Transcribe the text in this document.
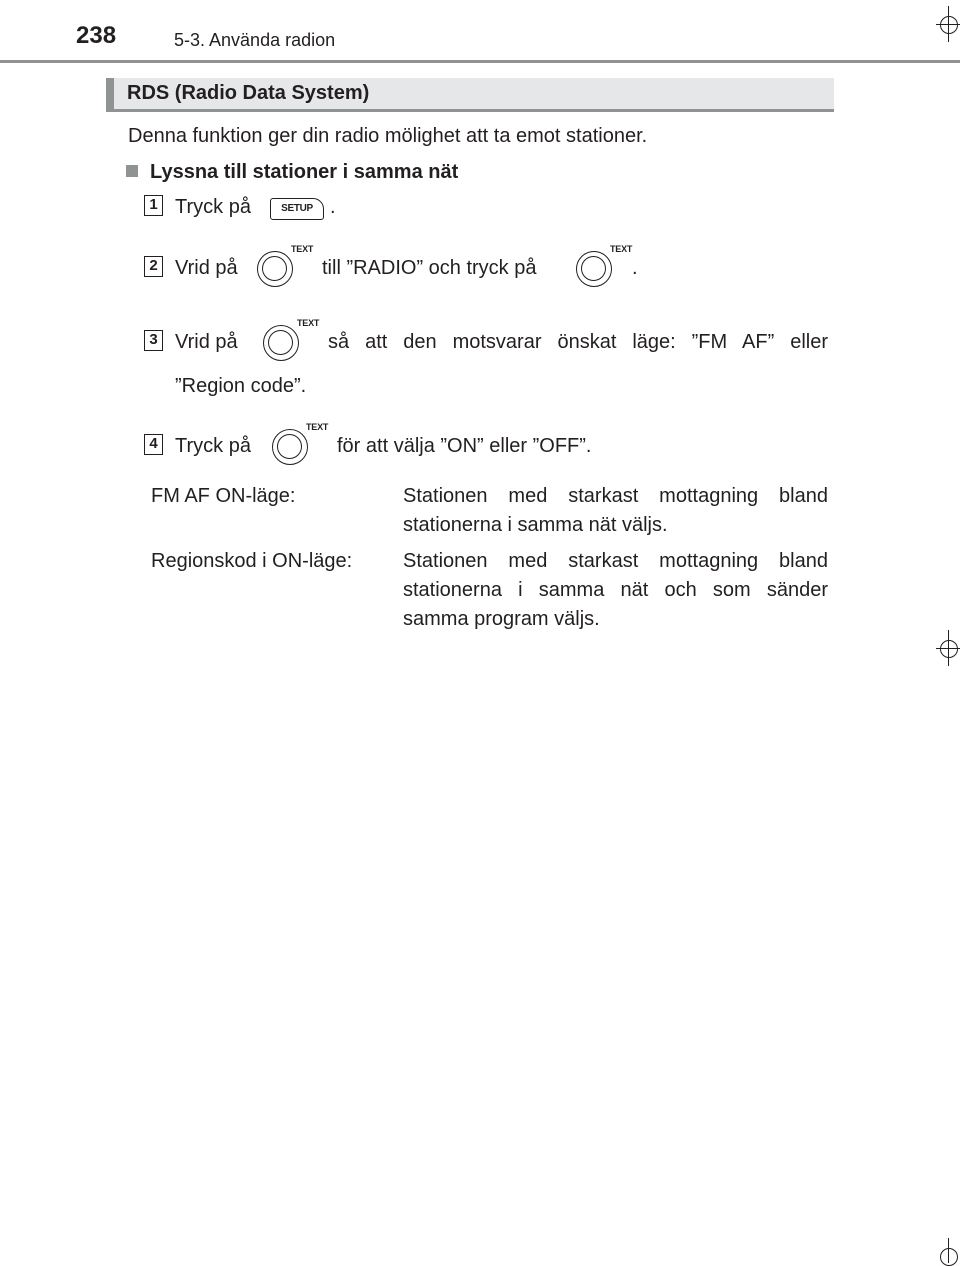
238	5-3. Använda radion
RDS (Radio Data System)
Denna funktion ger din radio mölighet att ta emot stationer.
Lyssna till stationer i samma nät
1 Tryck på	SETUP .
2 Vrid på
TEXT
till ”RADIO” och tryck på
TEXT
.
3 Vrid på
TEXT
så att den motsvarar önskat läge: ”FM AF” eller
”Region code”.
4 Tryck på
TEXT
för att välja ”ON” eller ”OFF”.
FM AF ON-läge:	Stationen med starkast mottagning bland
stationerna i samma nät väljs.
Regionskod i ON-läge:	Stationen med starkast mottagning bland
stationerna i samma nät och som sänder
samma program väljs.
